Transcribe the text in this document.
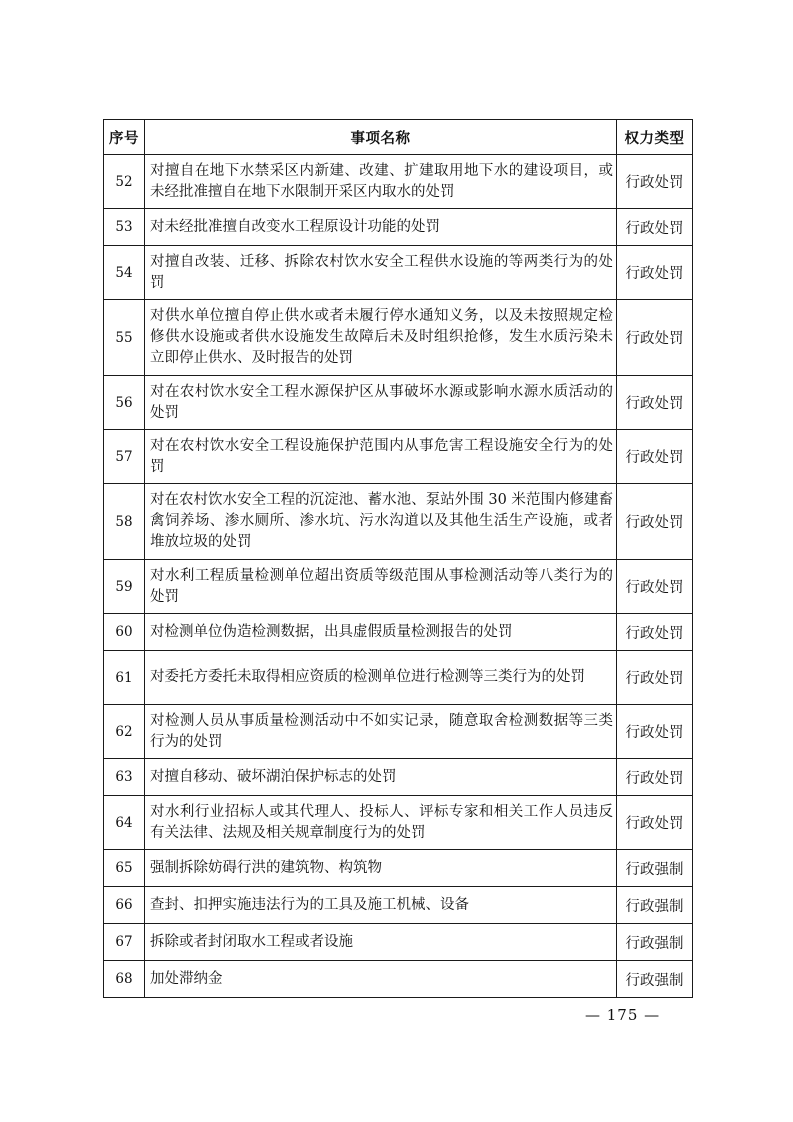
序号	事项名称	权力类型
52	对擅自在地下水禁采区内新建、改建、扩建取用地下水的建设项目，或未经批准擅自在地下水限制开采区内取水的处罚	行政处罚
53	对未经批准擅自改变水工程原设计功能的处罚	行政处罚
54	对擅自改装、迁移、拆除农村饮水安全工程供水设施的等两类行为的处罚	行政处罚
55	对供水单位擅自停止供水或者未履行停水通知义务，以及未按照规定检修供水设施或者供水设施发生故障后未及时组织抢修，发生水质污染未立即停止供水、及时报告的处罚	行政处罚
56	对在农村饮水安全工程水源保护区从事破坏水源或影响水源水质活动的处罚	行政处罚
57	对在农村饮水安全工程设施保护范围内从事危害工程设施安全行为的处罚	行政处罚
58	对在农村饮水安全工程的沉淀池、蓄水池、泵站外围 30 米范围内修建畜禽饲养场、渗水厕所、渗水坑、污水沟道以及其他生活生产设施，或者堆放垃圾的处罚	行政处罚
59	对水利工程质量检测单位超出资质等级范围从事检测活动等八类行为的处罚	行政处罚
60	对检测单位伪造检测数据，出具虚假质量检测报告的处罚	行政处罚
61	对委托方委托未取得相应资质的检测单位进行检测等三类行为的处罚	行政处罚
62	对检测人员从事质量检测活动中不如实记录，随意取舍检测数据等三类行为的处罚	行政处罚
63	对擅自移动、破坏湖泊保护标志的处罚	行政处罚
64	对水利行业招标人或其代理人、投标人、评标专家和相关工作人员违反有关法律、法规及相关规章制度行为的处罚	行政处罚
65	强制拆除妨碍行洪的建筑物、构筑物	行政强制
66	查封、扣押实施违法行为的工具及施工机械、设备	行政强制
67	拆除或者封闭取水工程或者设施	行政强制
68	加处滞纳金	行政强制
— 175 —
